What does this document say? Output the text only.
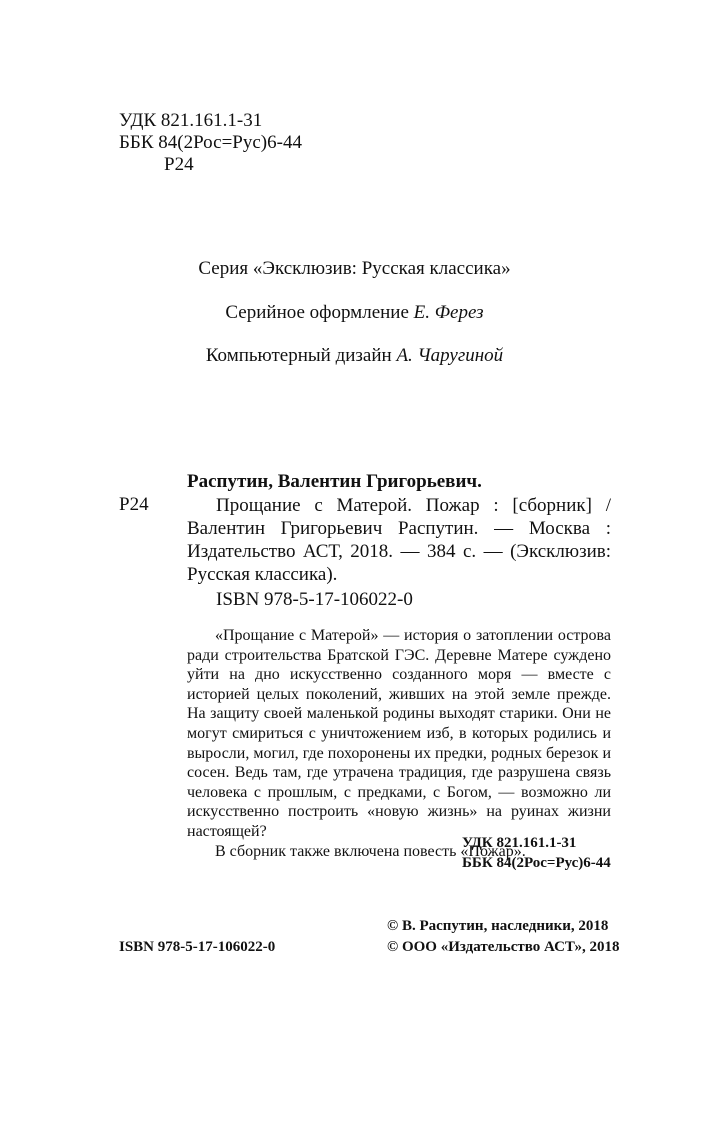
УДК 821.161.1-31
ББК 84(2Рос=Рус)6-44
Р24
Серия «Эксклюзив: Русская классика»
Серийное оформление Е. Ферез
Компьютерный дизайн А. Чаругиной
Распутин, Валентин Григорьевич.
Р24	Прощание с Матерой. Пожар : [сборник] / Валентин Григорьевич Распутин. — Москва : Издательство АСТ, 2018. — 384 с. — (Эксклюзив: Русская классика).

ISBN 978-5-17-106022-0

«Прощание с Матерой» — история о затоплении острова ради строительства Братской ГЭС. Деревне Матере суждено уйти на дно искусственно созданного моря — вместе с историей целых поколений, живших на этой земле прежде. На защиту своей маленькой родины выходят старики. Они не могут смириться с уничтожением изб, в которых родились и выросли, могил, где похоронены их предки, родных березок и сосен. Ведь там, где утрачена традиция, где разрушена связь человека с прошлым, с предками, с Богом, — возможно ли искусственно построить «новую жизнь» на руинах жизни настоящей?

В сборник также включена повесть «Пожар».

УДК 821.161.1-31
ББК 84(2Рос=Рус)6-44
© В. Распутин, наследники, 2018
ISBN 978-5-17-106022-0	© ООО «Издательство АСТ», 2018
